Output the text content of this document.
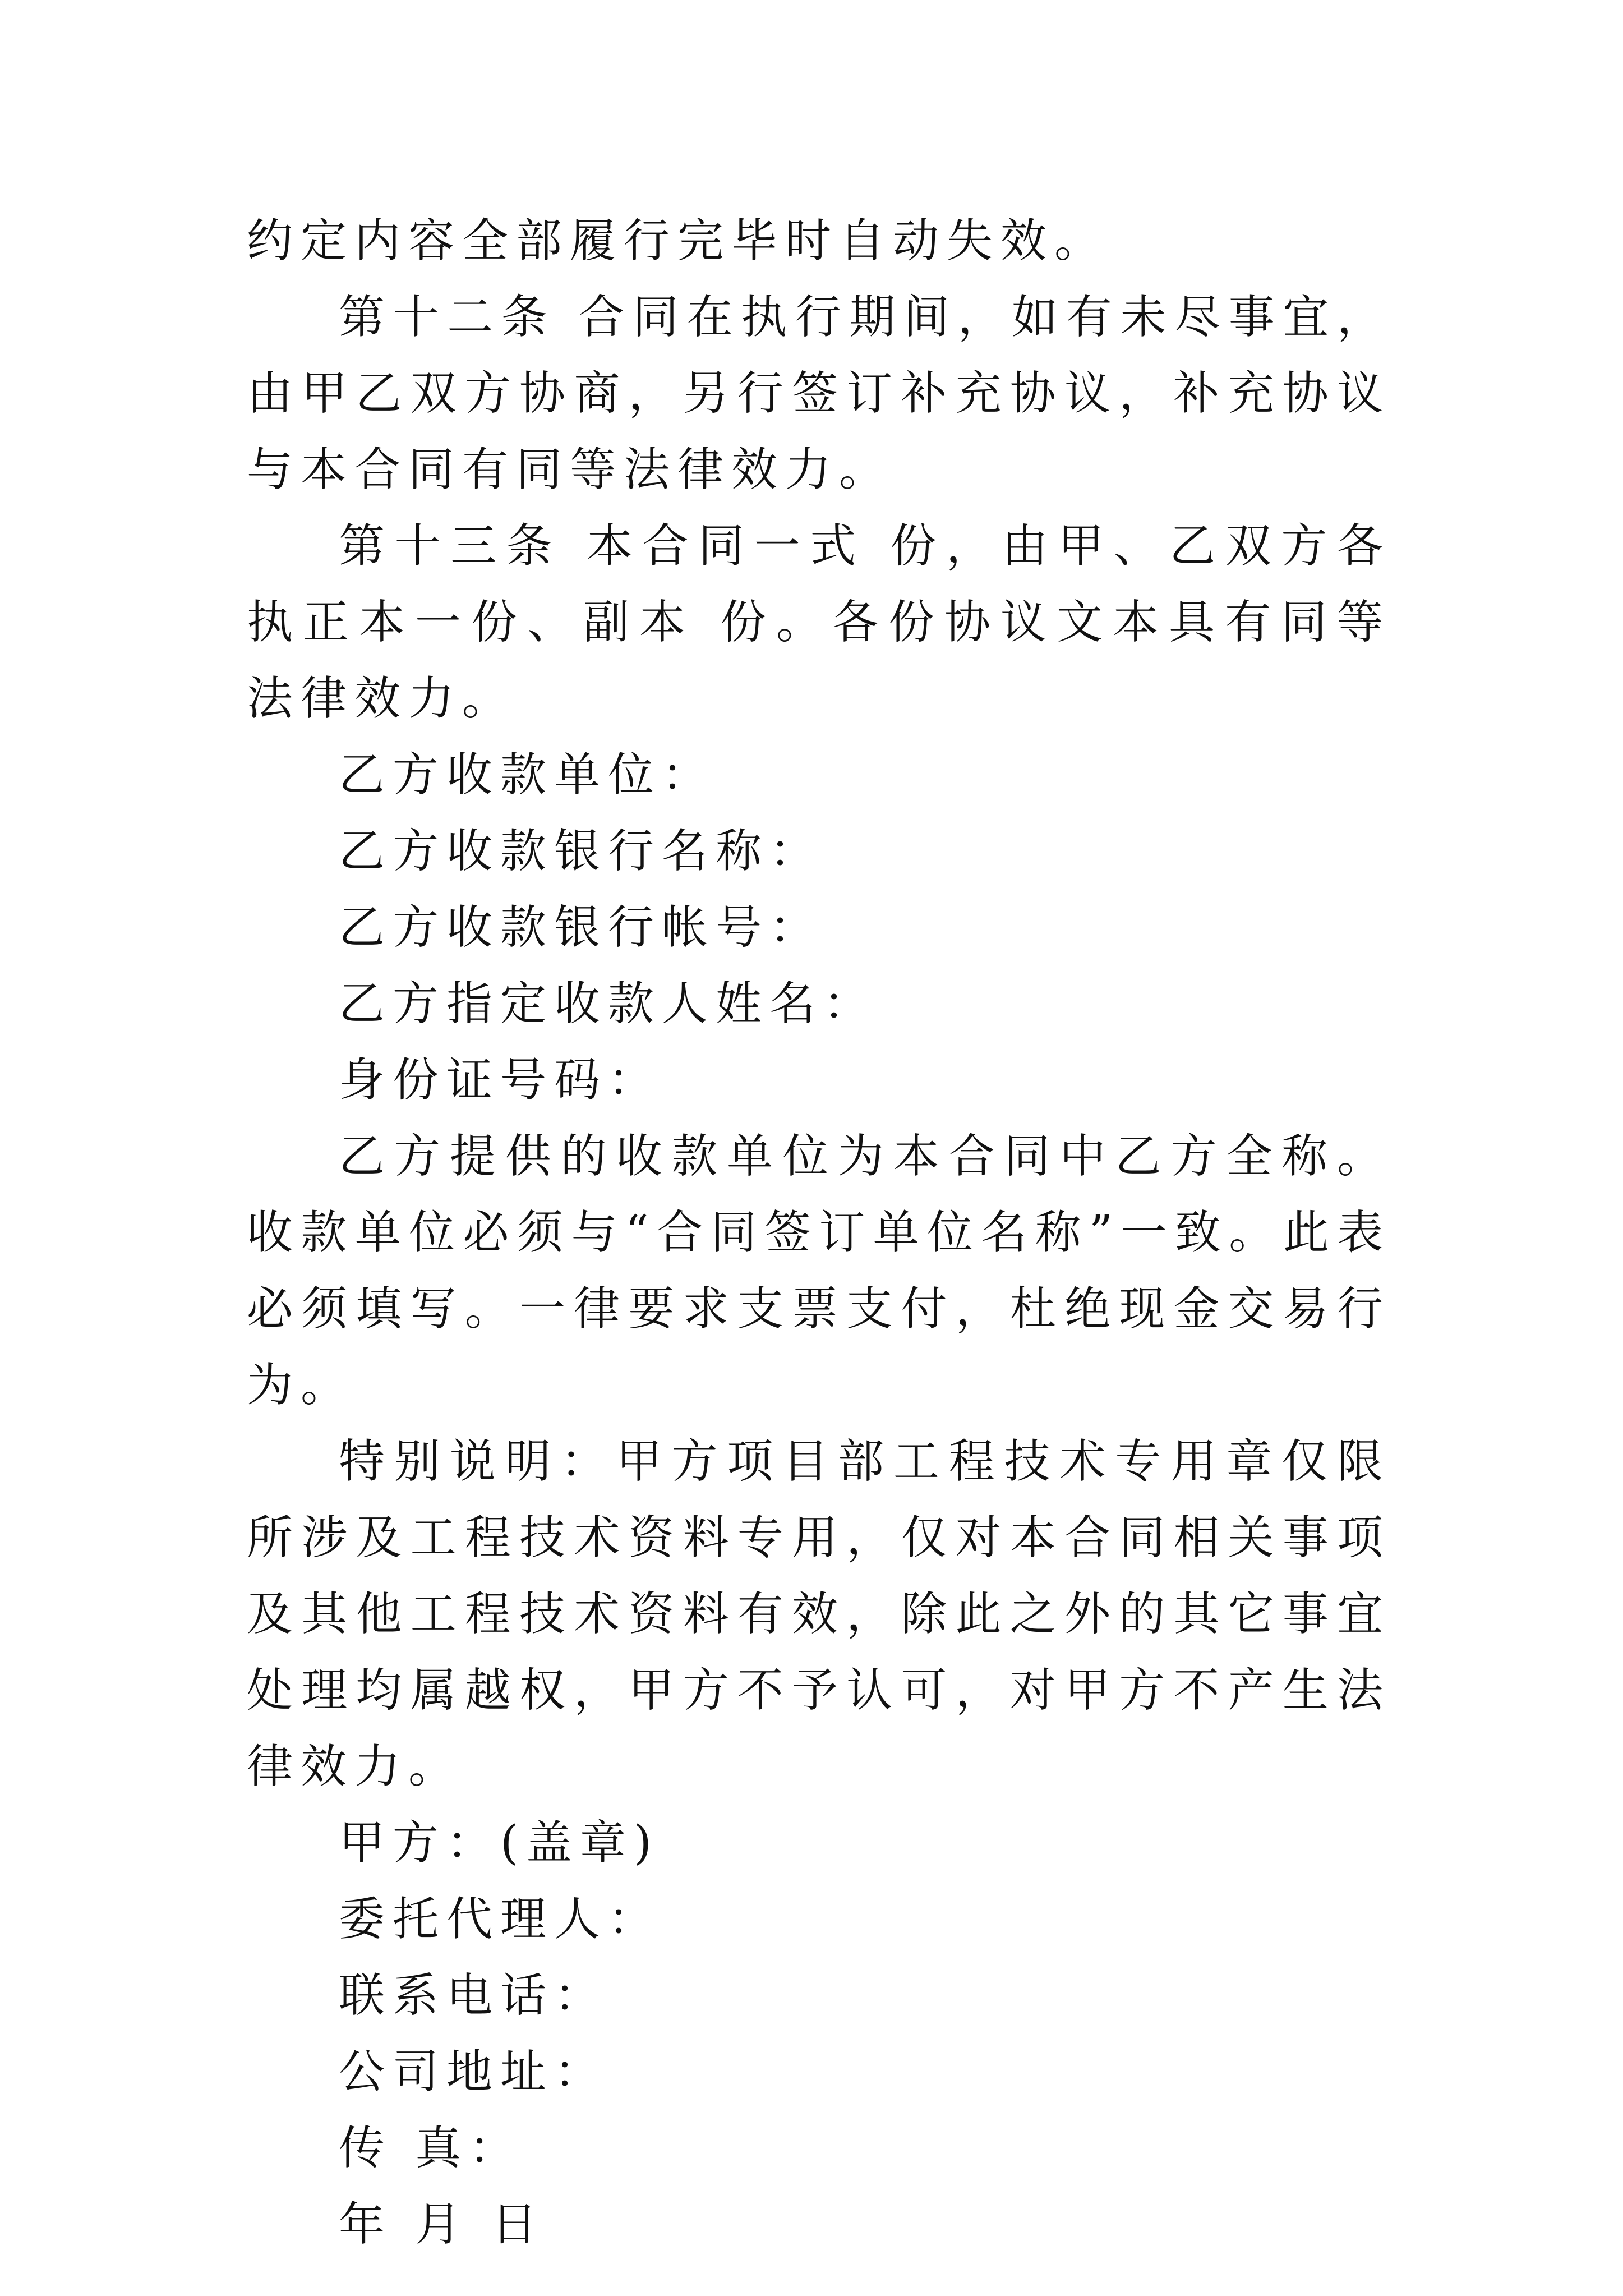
约定内容全部履行完毕时自动失效。

第十二条 合同在执行期间，如有未尽事宜，由甲乙双方协商，另行签订补充协议，补充协议与本合同有同等法律效力。

第十三条 本合同一式 份，由甲、乙双方各执正本一份、副本 份。各份协议文本具有同等法律效力。

乙方收款单位：

乙方收款银行名称：

乙方收款银行帐号：

乙方指定收款人姓名：

身份证号码：

乙方提供的收款单位为本合同中乙方全称。收款单位必须与“合同签订单位名称”一致。此表必须填写。一律要求支票支付，杜绝现金交易行为。

特别说明：甲方项目部工程技术专用章仅限所涉及工程技术资料专用，仅对本合同相关事项及其他工程技术资料有效，除此之外的其它事宜处理均属越权，甲方不予认可，对甲方不产生法律效力。

甲方：(盖章)

委托代理人：

联系电话：

公司地址：

传 真：

年 月 日
